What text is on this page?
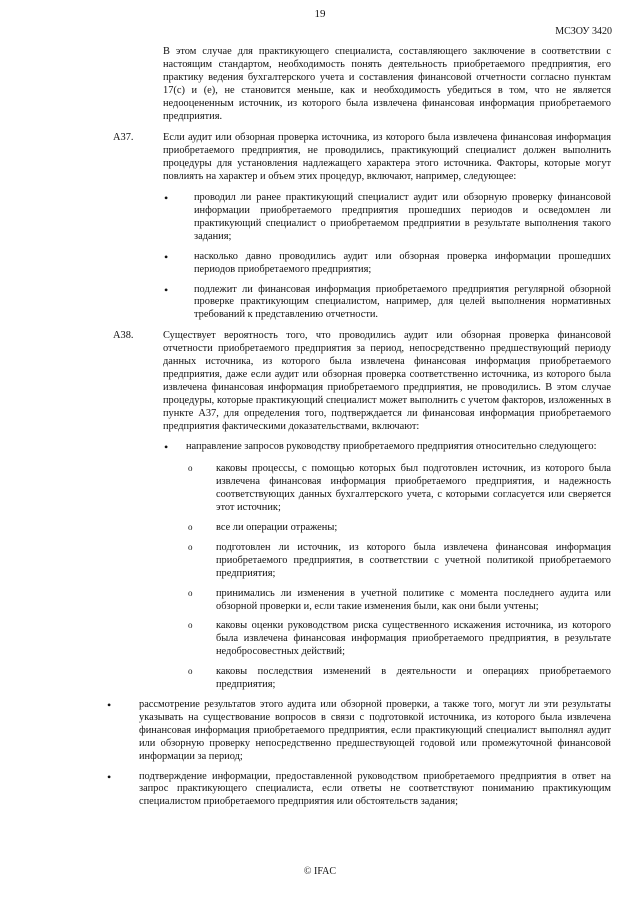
19
МСЗОУ 3420

В этом случае для практикующего специалиста, составляющего заключение в соответствии с настоящим стандартом, необходимость понять деятельность приобретаемого предприятия, его практику ведения бухгалтерского учета и составления финансовой отчетности согласно пунктам 17(с) и (е), не становится меньше, как и необходимость убедиться в том, что не является недооцененным источник, из которого была извлечена финансовая информация приобретаемого предприятия.

A37.	Если аудит или обзорная проверка источника, из которого была извлечена финансовая информация приобретаемого предприятия, не проводились, практикующий специалист должен выполнить процедуры для установления надлежащего характера этого источника. Факторы, которые могут повлиять на характер и объем этих процедур, включают, например, следующее:

• проводил ли ранее практикующий специалист аудит или обзорную проверку финансовой информации приобретаемого предприятия прошедших периодов и осведомлен ли практикующий специалист о приобретаемом предприятии в результате выполнения такого задания;
• насколько давно проводились аудит или обзорная проверка информации прошедших периодов приобретаемого предприятия;
• подлежит ли финансовая информация приобретаемого предприятия регулярной обзорной проверке практикующим специалистом, например, для целей выполнения нормативных требований к представлению отчетности.
A38.	Существует вероятность того, что проводились аудит или обзорная проверка финансовой отчетности приобретаемого предприятия за период, непосредственно предшествующий периоду данных источника, из которого была извлечена финансовая информация приобретаемого предприятия, даже если аудит или обзорная проверка соответственно источника, из которого была извлечена финансовая информация приобретаемого предприятия, не проводились. В этом случае процедуры, которые практикующий специалист может выполнить с учетом факторов, изложенных в пункте А37, для определения того, подтверждается ли финансовая информация приобретаемого предприятия фактическими доказательствами, включают:

• направление запросов руководству приобретаемого предприятия относительно следующего:
o каковы процессы, с помощью которых был подготовлен источник, из которого была извлечена финансовая информация приобретаемого предприятия, и надежность соответствующих данных бухгалтерского учета, с которыми согласуется или сверяется этот источник;
o все ли операции отражены;
o подготовлен ли источник, из которого была извлечена финансовая информация приобретаемого предприятия, в соответствии с учетной политикой приобретаемого предприятия;
o принимались ли изменения в учетной политике с момента последнего аудита или обзорной проверки и, если такие изменения были, как они были учтены;
o каковы оценки руководством риска существенного искажения источника, из которого была извлечена финансовая информация приобретаемого предприятия, в результате недобросовестных действий;
o каковы последствия изменений в деятельности и операциях приобретаемого предприятия;
• рассмотрение результатов этого аудита или обзорной проверки, а также того, могут ли эти результаты указывать на существование вопросов в связи с подготовкой источника, из которого была извлечена финансовая информация приобретаемого предприятия, если практикующий специалист выполнял аудит или обзорную проверку непосредственно предшествующей годовой или промежуточной финансовой информации за период;
• подтверждение информации, предоставленной руководством приобретаемого предприятия в ответ на запрос практикующего специалиста, если ответы не соответствуют пониманию практикующим специалистом приобретаемого предприятия или обстоятельств задания;
© IFAC
